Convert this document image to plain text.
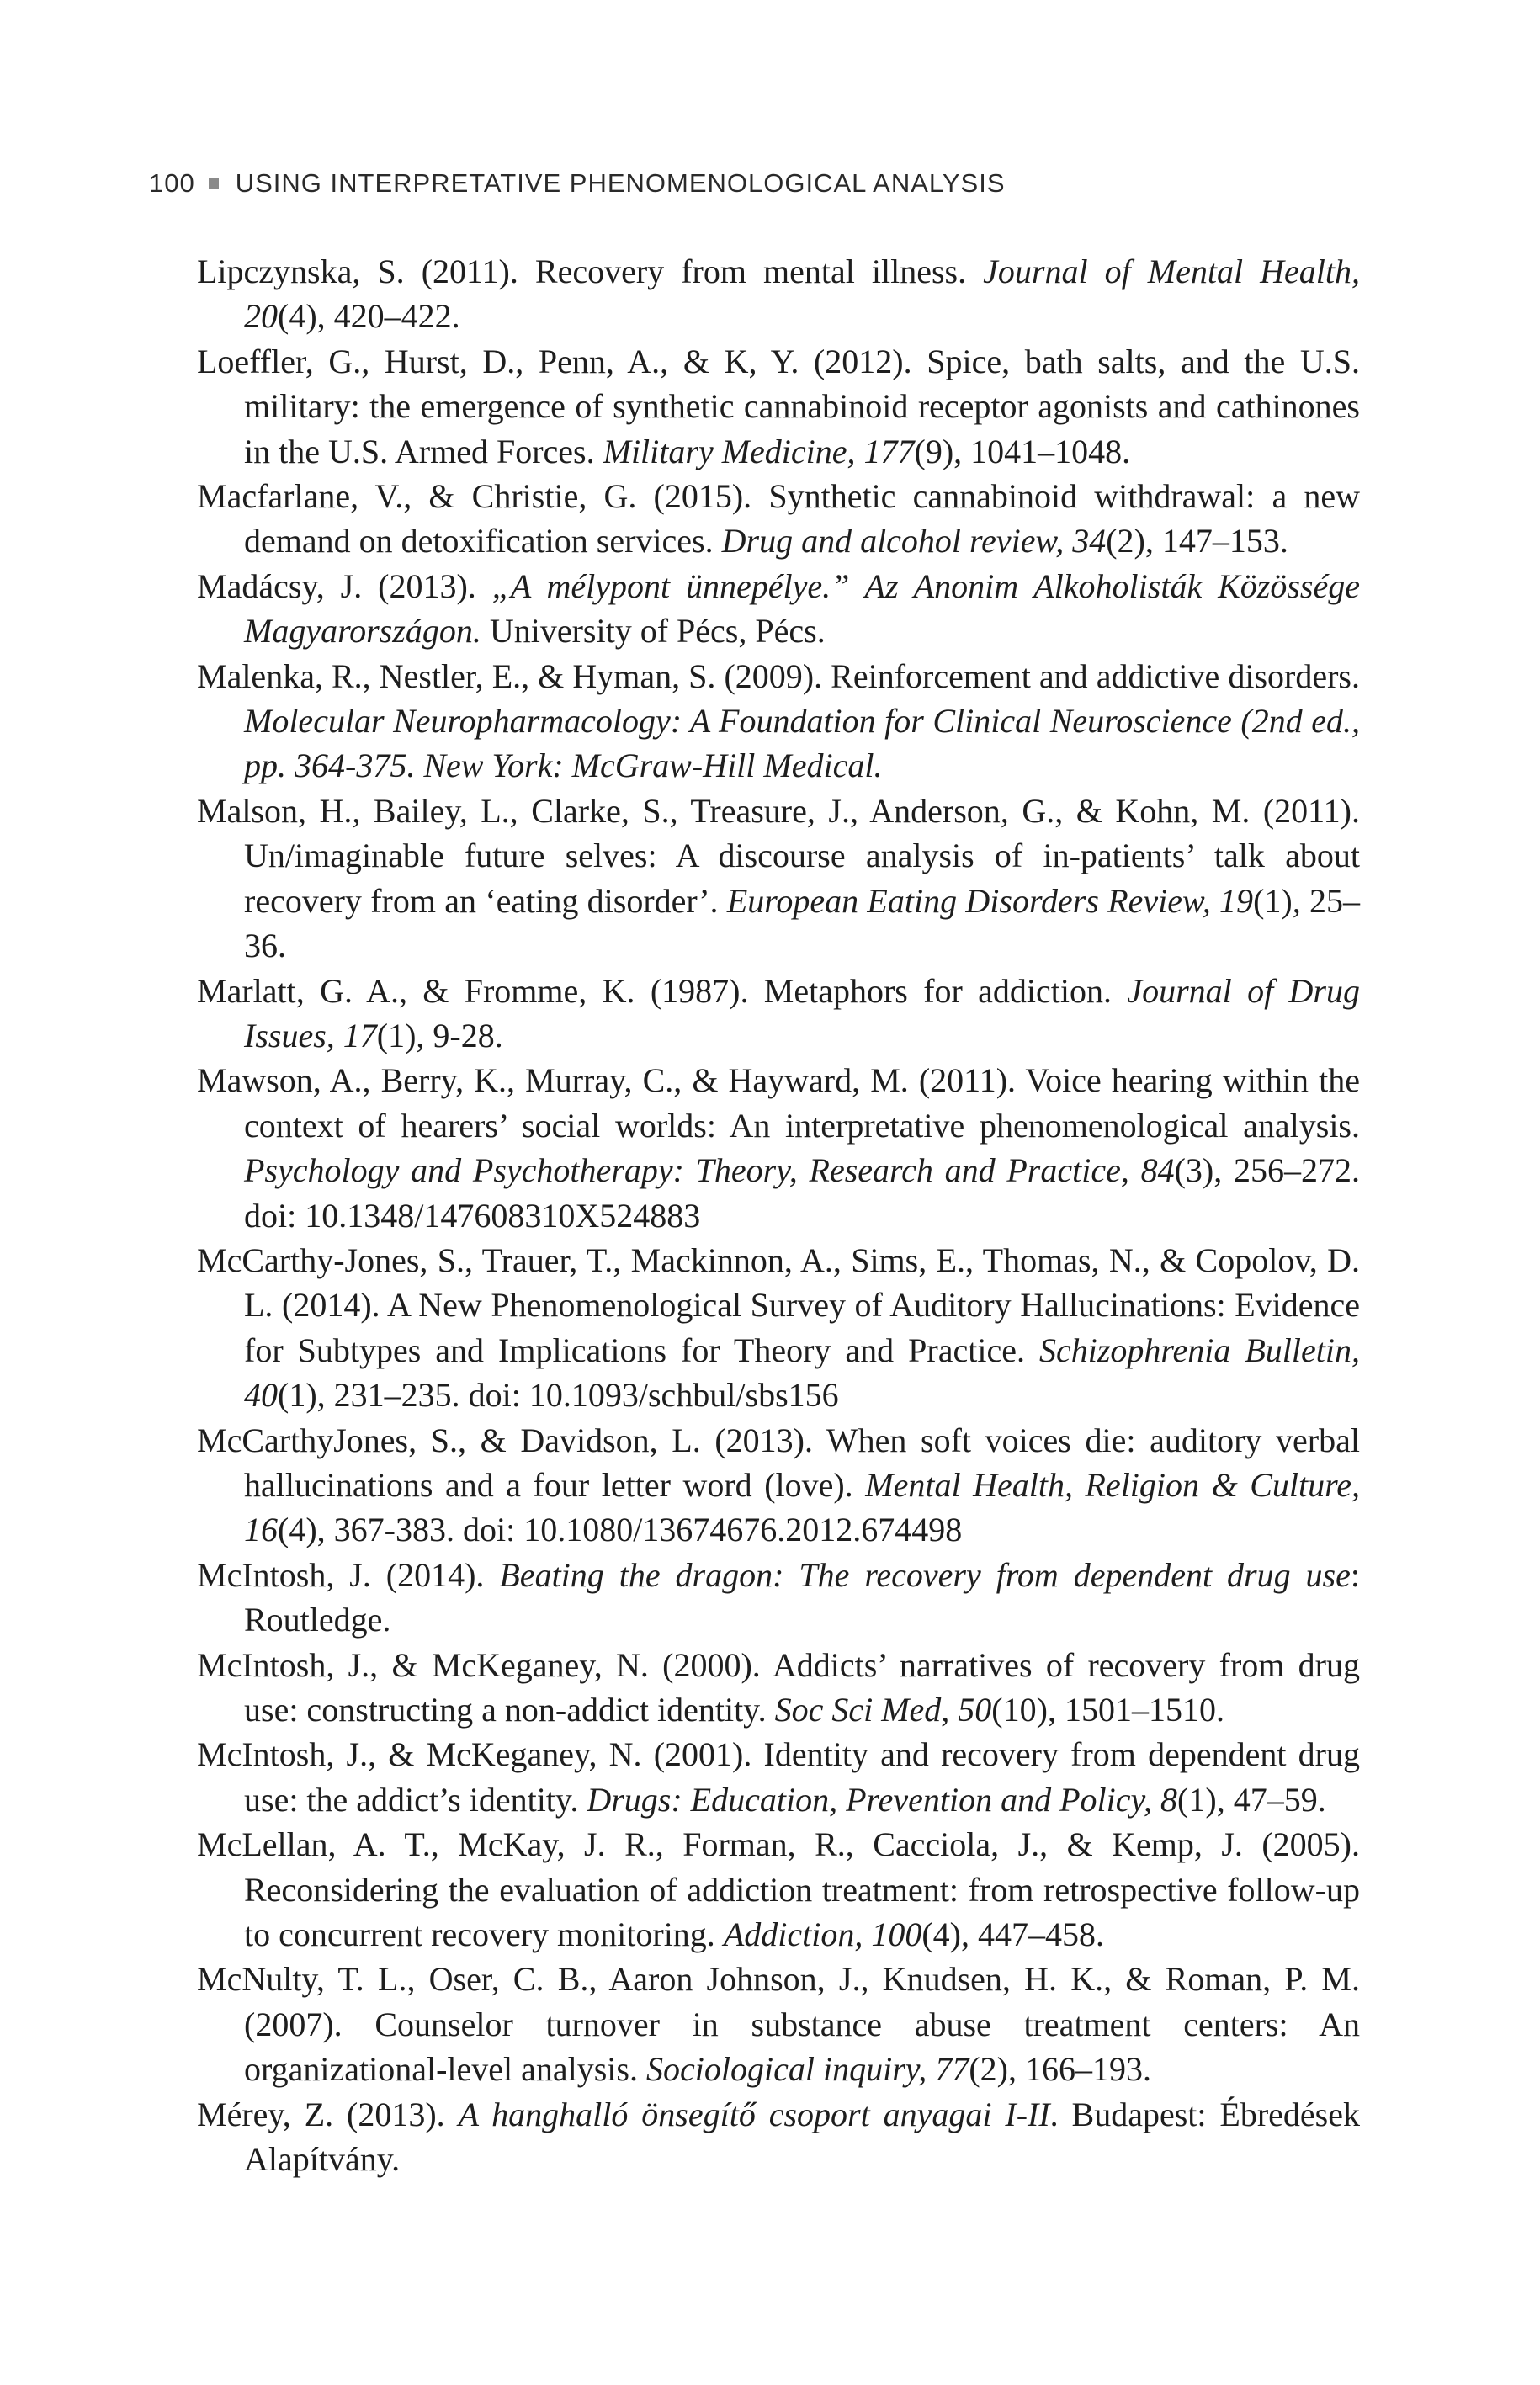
100 USING INTERPRETATIVE PHENOMENOLOGICAL ANALYSIS

Lipczynska, S. (2011). Recovery from mental illness. Journal of Mental Health, 20(4), 420–422.

Loeffler, G., Hurst, D., Penn, A., & K, Y. (2012). Spice, bath salts, and the U.S. military: the emergence of synthetic cannabinoid receptor agonists and cathinones in the U.S. Armed Forces. Military Medicine, 177(9), 1041–1048.

Macfarlane, V., & Christie, G. (2015). Synthetic cannabinoid withdrawal: a new demand on detoxification services. Drug and alcohol review, 34(2), 147–153.

Madácsy, J. (2013). „A mélypont ünnepélye.” Az Anonim Alkoholisták Közössége Magyarországon. University of Pécs, Pécs.

Malenka, R., Nestler, E., & Hyman, S. (2009). Reinforcement and addictive disorders. Molecular Neuropharmacology: A Foundation for Clinical Neuroscience (2nd ed., pp. 364-375. New York: McGraw-Hill Medical.

Malson, H., Bailey, L., Clarke, S., Treasure, J., Anderson, G., & Kohn, M. (2011). Un/imaginable future selves: A discourse analysis of in-patients’ talk about recovery from an ‘eating disorder’. European Eating Disorders Review, 19(1), 25–36.

Marlatt, G. A., & Fromme, K. (1987). Metaphors for addiction. Journal of Drug Issues, 17(1), 9-28.

Mawson, A., Berry, K., Murray, C., & Hayward, M. (2011). Voice hearing within the context of hearers’ social worlds: An interpretative phenomenological analysis. Psychology and Psychotherapy: Theory, Research and Practice, 84(3), 256–272. doi: 10.1348/147608310X524883

McCarthy-Jones, S., Trauer, T., Mackinnon, A., Sims, E., Thomas, N., & Copolov, D. L. (2014). A New Phenomenological Survey of Auditory Hallucinations: Evidence for Subtypes and Implications for Theory and Practice. Schizophrenia Bulletin, 40(1), 231–235. doi: 10.1093/schbul/sbs156

McCarthyJones, S., & Davidson, L. (2013). When soft voices die: auditory verbal hallucinations and a four letter word (love). Mental Health, Religion & Culture, 16(4), 367-383. doi: 10.1080/13674676.2012.674498

McIntosh, J. (2014). Beating the dragon: The recovery from dependent drug use: Routledge.

McIntosh, J., & McKeganey, N. (2000). Addicts’ narratives of recovery from drug use: constructing a non-addict identity. Soc Sci Med, 50(10), 1501–1510.

McIntosh, J., & McKeganey, N. (2001). Identity and recovery from dependent drug use: the addict’s identity. Drugs: Education, Prevention and Policy, 8(1), 47–59.

McLellan, A. T., McKay, J. R., Forman, R., Cacciola, J., & Kemp, J. (2005). Reconsidering the evaluation of addiction treatment: from retrospective follow-up to concurrent recovery monitoring. Addiction, 100(4), 447–458.

McNulty, T. L., Oser, C. B., Aaron Johnson, J., Knudsen, H. K., & Roman, P. M. (2007). Counselor turnover in substance abuse treatment centers: An organizational-level analysis. Sociological inquiry, 77(2), 166–193.

Mérey, Z. (2013). A hanghalló önsegítő csoport anyagai I-II. Budapest: Ébredések Alapítvány.
